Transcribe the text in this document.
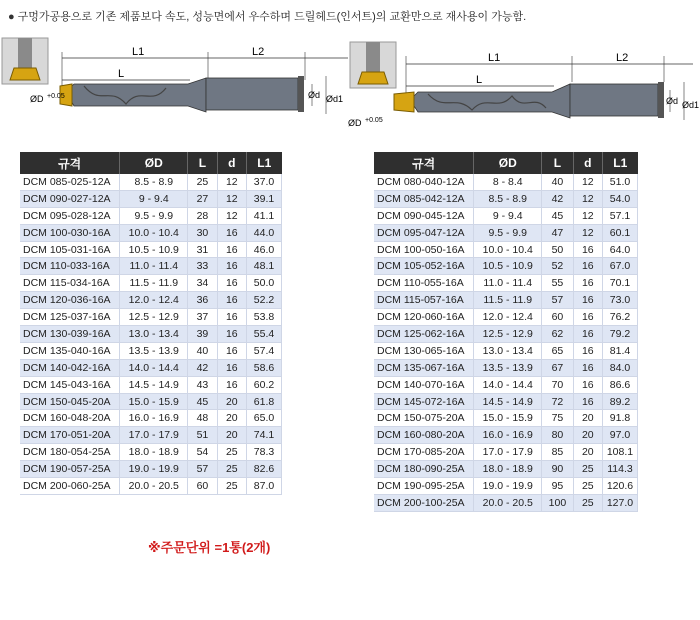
● 구멍가공용으로 기존 제품보다 속도, 성능면에서 우수하며 드릴헤드(인서트)의 교환만으로 재사용이 가능함.
L1	L2
L
ØD +0.05	Ød Ød1
L1	L2
L
ØD +0.05
Ød Ød1
규격	ØD	L	d	L1
DCM 085-025-12A	8.5 - 8.9	25	12	37.0
DCM 090-027-12A	9 - 9.4	27	12	39.1
DCM 095-028-12A	9.5 - 9.9	28	12	41.1
DCM 100-030-16A	10.0 - 10.4	30	16	44.0
DCM 105-031-16A	10.5 - 10.9	31	16	46.0
DCM 110-033-16A	11.0 - 11.4	33	16	48.1
DCM 115-034-16A	11.5 - 11.9	34	16	50.0
DCM 120-036-16A	12.0 - 12.4	36	16	52.2
DCM 125-037-16A	12.5 - 12.9	37	16	53.8
DCM 130-039-16A	13.0 - 13.4	39	16	55.4
DCM 135-040-16A	13.5 - 13.9	40	16	57.4
DCM 140-042-16A	14.0 - 14.4	42	16	58.6
DCM 145-043-16A	14.5 - 14.9	43	16	60.2
DCM 150-045-20A	15.0 - 15.9	45	20	61.8
DCM 160-048-20A	16.0 - 16.9	48	20	65.0
DCM 170-051-20A	17.0 - 17.9	51	20	74.1
DCM 180-054-25A	18.0 - 18.9	54	25	78.3
DCM 190-057-25A	19.0 - 19.9	57	25	82.6
DCM 200-060-25A	20.0 - 20.5	60	25	87.0
※주문단위 =1통(2개)
규격	ØD	L	d	L1
DCM 080-040-12A	8 - 8.4	40	12	51.0
DCM 085-042-12A	8.5 - 8.9	42	12	54.0
DCM 090-045-12A	9 - 9.4	45	12	57.1
DCM 095-047-12A	9.5 - 9.9	47	12	60.1
DCM 100-050-16A	10.0 - 10.4	50	16	64.0
DCM 105-052-16A	10.5 - 10.9	52	16	67.0
DCM 110-055-16A	11.0 - 11.4	55	16	70.1
DCM 115-057-16A	11.5 - 11.9	57	16	73.0
DCM 120-060-16A	12.0 - 12.4	60	16	76.2
DCM 125-062-16A	12.5 - 12.9	62	16	79.2
DCM 130-065-16A	13.0 - 13.4	65	16	81.4
DCM 135-067-16A	13.5 - 13.9	67	16	84.0
DCM 140-070-16A	14.0 - 14.4	70	16	86.6
DCM 145-072-16A	14.5 - 14.9	72	16	89.2
DCM 150-075-20A	15.0 - 15.9	75	20	91.8
DCM 160-080-20A	16.0 - 16.9	80	20	97.0
DCM 170-085-20A	17.0 - 17.9	85	20	108.1
DCM 180-090-25A	18.0 - 18.9	90	25	114.3
DCM 190-095-25A	19.0 - 19.9	95	25	120.6
DCM 200-100-25A	20.0 - 20.5	100	25	127.0
